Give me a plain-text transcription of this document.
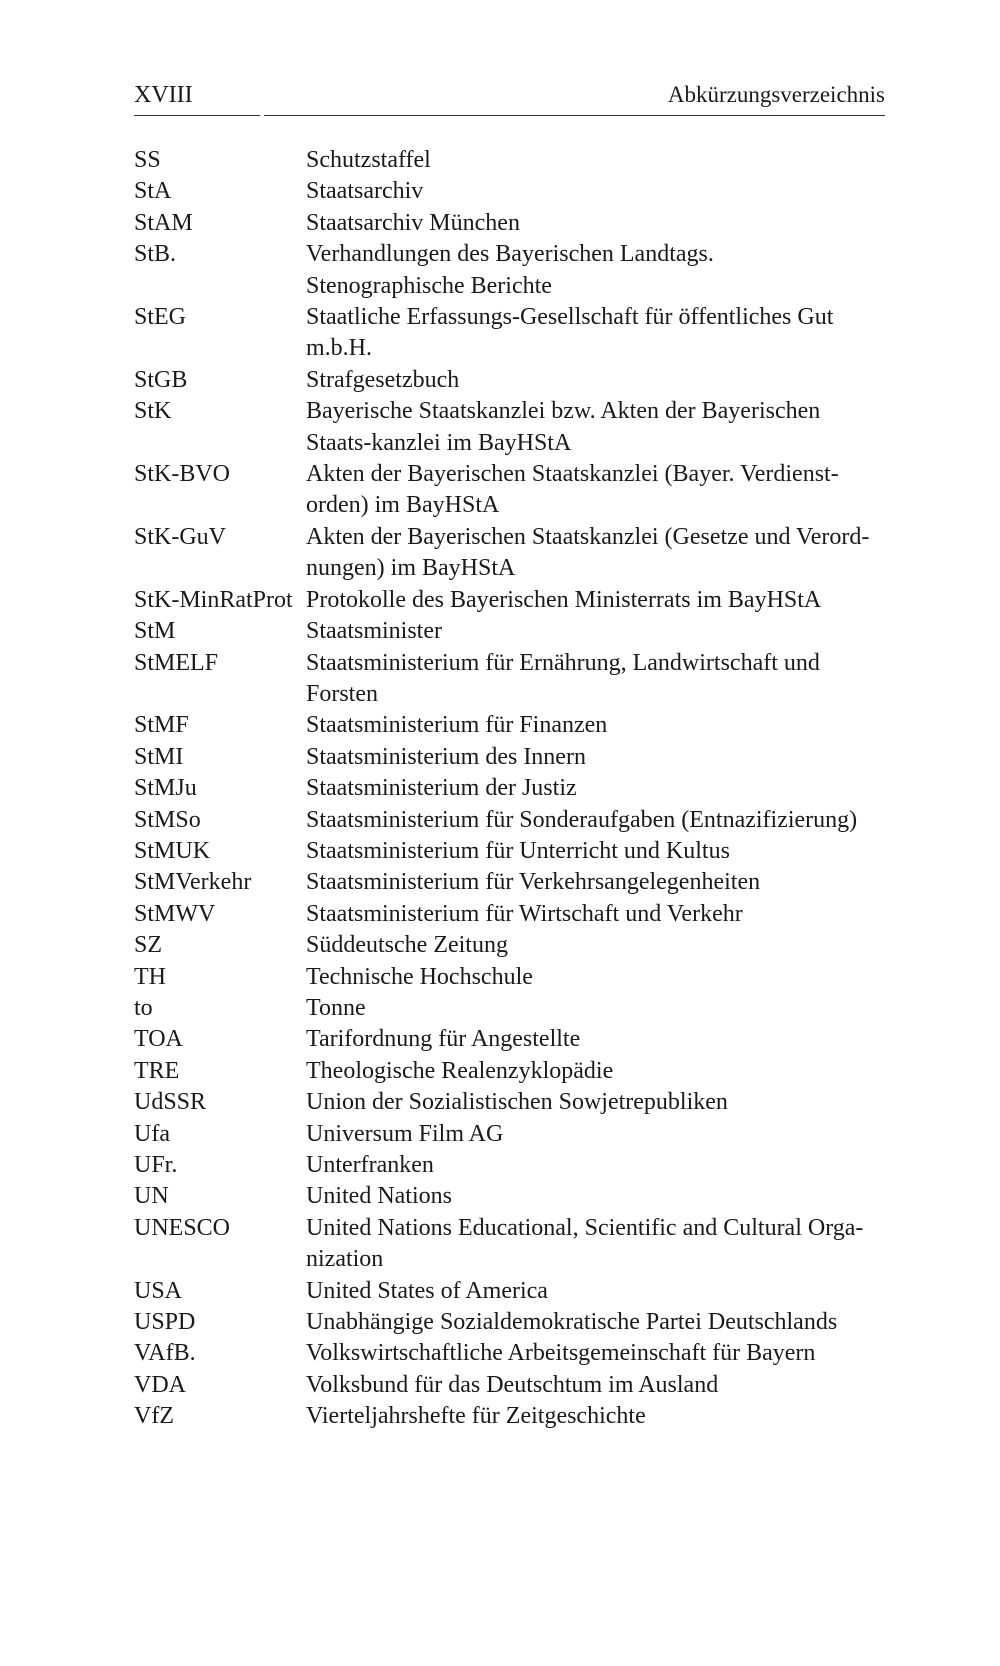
XVIII	Abkürzungsverzeichnis
SS	Schutzstaffel
StA	Staatsarchiv
StAM	Staatsarchiv München
StB.	Verhandlungen des Bayerischen Landtags. Stenographische Berichte
StEG	Staatliche Erfassungs-Gesellschaft für öffentliches Gut m.b.H.
StGB	Strafgesetzbuch
StK	Bayerische Staatskanzlei bzw. Akten der Bayerischen Staats-kanzlei im BayHStA
StK-BVO	Akten der Bayerischen Staatskanzlei (Bayer. Verdienst-orden) im BayHStA
StK-GuV	Akten der Bayerischen Staatskanzlei (Gesetze und Verord-nungen) im BayHStA
StK-MinRatProt Protokolle des Bayerischen Ministerrats im BayHStA
StM	Staatsminister
StMELF	Staatsministerium für Ernährung, Landwirtschaft und Forsten
StMF	Staatsministerium für Finanzen
StMI	Staatsministerium des Innern
StMJu	Staatsministerium der Justiz
StMSo	Staatsministerium für Sonderaufgaben (Entnazifizierung)
StMUK	Staatsministerium für Unterricht und Kultus
StMVerkehr	Staatsministerium für Verkehrsangelegenheiten
StMWV	Staatsministerium für Wirtschaft und Verkehr
SZ	Süddeutsche Zeitung
TH	Technische Hochschule
to	Tonne
TOA	Tarifordnung für Angestellte
TRE	Theologische Realenzyklopädie
UdSSR	Union der Sozialistischen Sowjetrepubliken
Ufa	Universum Film AG
UFr.	Unterfranken
UN	United Nations
UNESCO	United Nations Educational, Scientific and Cultural Orga-nization
USA	United States of America
USPD	Unabhängige Sozialdemokratische Partei Deutschlands
VAfB.	Volkswirtschaftliche Arbeitsgemeinschaft für Bayern
VDA	Volksbund für das Deutschtum im Ausland
VfZ	Vierteljahrshefte für Zeitgeschichte
